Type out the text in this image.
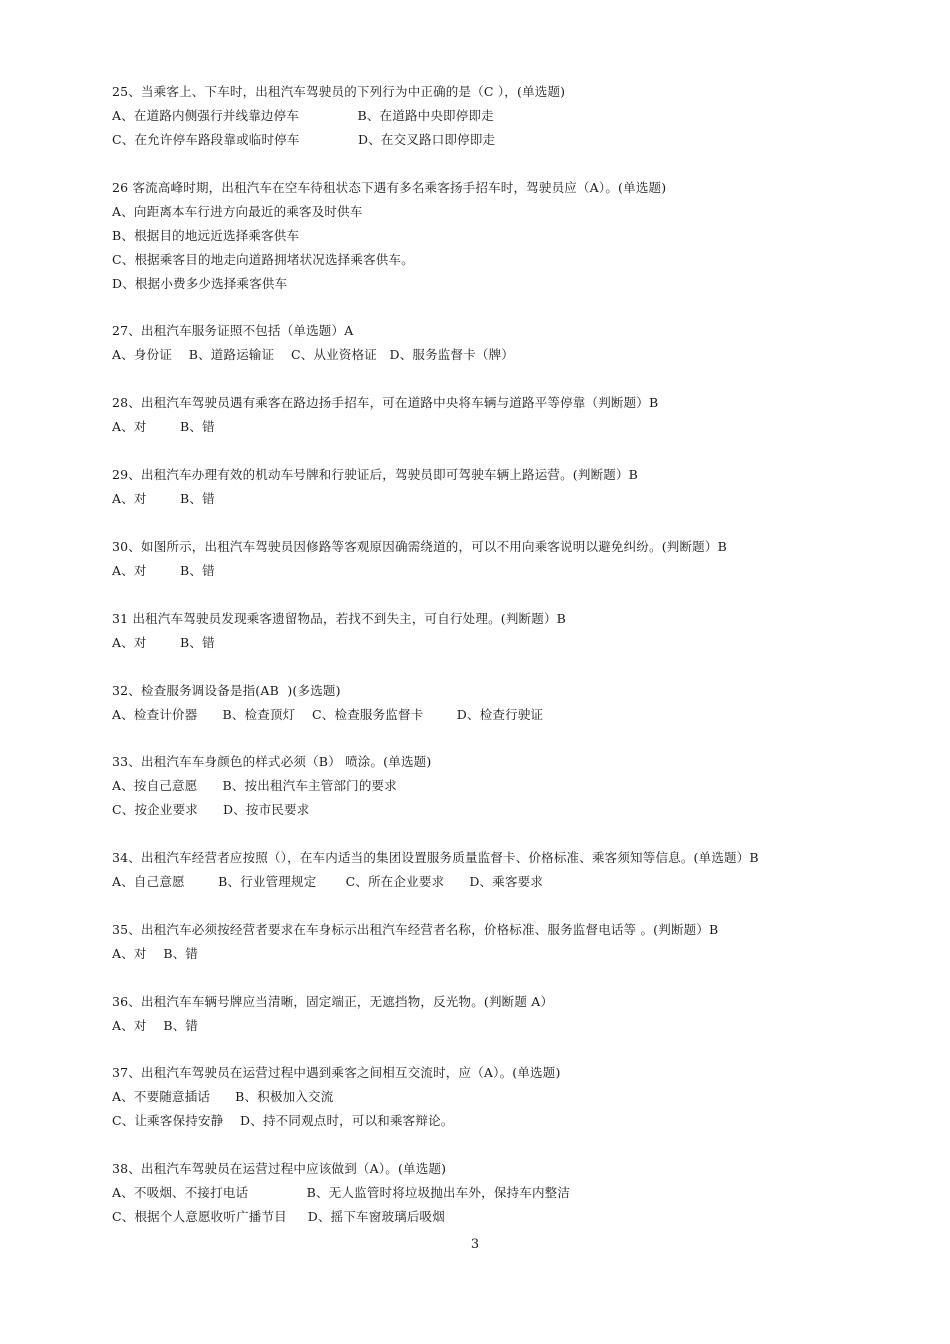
25、当乘客上、下车时，出租汽车驾驶员的下列行为中正确的是（C ），(单选题)
A、在道路内侧强行并线靠边停车              B、在道路中央即停即走
C、在允许停车路段靠或临时停车              D、在交叉路口即停即走
26 客流高峰时期，出租汽车在空车待租状态下遇有多名乘客扬手招车时，驾驶员应（A）。(单选题)
A、向距离本车行进方向最近的乘客及时供车
B、根据目的地远近选择乘客供车
C、根据乘客目的地走向道路拥堵状况选择乘客供车。
D、根据小费多少选择乘客供车
27、出租汽车服务证照不包括（单选题）A
A、身份证    B、道路运输证    C、从业资格证   D、服务监督卡（牌）
28、出租汽车驾驶员遇有乘客在路边扬手招车，可在道路中央将车辆与道路平等停靠（判断题）B
A、对        B、错
29、出租汽车办理有效的机动车号牌和行驶证后，驾驶员即可驾驶车辆上路运营。(判断题）B
A、对        B、错
30、如图所示，出租汽车驾驶员因修路等客观原因确需绕道的，可以不用向乘客说明以避免纠纷。(判断题）B
A、对        B、错
31 出租汽车驾驶员发现乘客遗留物品，若找不到失主，可自行处理。(判断题）B
A、对        B、错
32、检查服务调设备是指(AB  )(多选题)
A、检查计价器      B、检查顶灯    C、检查服务监督卡        D、检查行驶证
33、出租汽车车身颜色的样式必须（B） 喷涂。(单选题)
A、按自己意愿      B、按出租汽车主管部门的要求
C、按企业要求      D、按市民要求
34、出租汽车经营者应按照（），在车内适当的集团设置服务质量监督卡、价格标准、乘客须知等信息。(单选题）B
A、自己意愿        B、行业管理规定       C、所在企业要求      D、乘客要求
35、出租汽车必须按经营者要求在车身标示出租汽车经营者名称，价格标准、服务监督电话等 。(判断题）B
A、对    B、错
36、出租汽车车辆号牌应当清晰，固定端正，无遮挡物，反光物。(判断题 A）
A、对    B、错
37、出租汽车驾驶员在运营过程中遇到乘客之间相互交流时，应（A）。(单选题)
A、不要随意插话      B、积极加入交流
C、让乘客保持安静    D、持不同观点时，可以和乘客辩论。
38、出租汽车驾驶员在运营过程中应该做到（A）。(单选题)
A、不吸烟、不接打电话              B、无人监管时将垃圾抛出车外，保持车内整洁
C、根据个人意愿收听广播节目     D、摇下车窗玻璃后吸烟
3
